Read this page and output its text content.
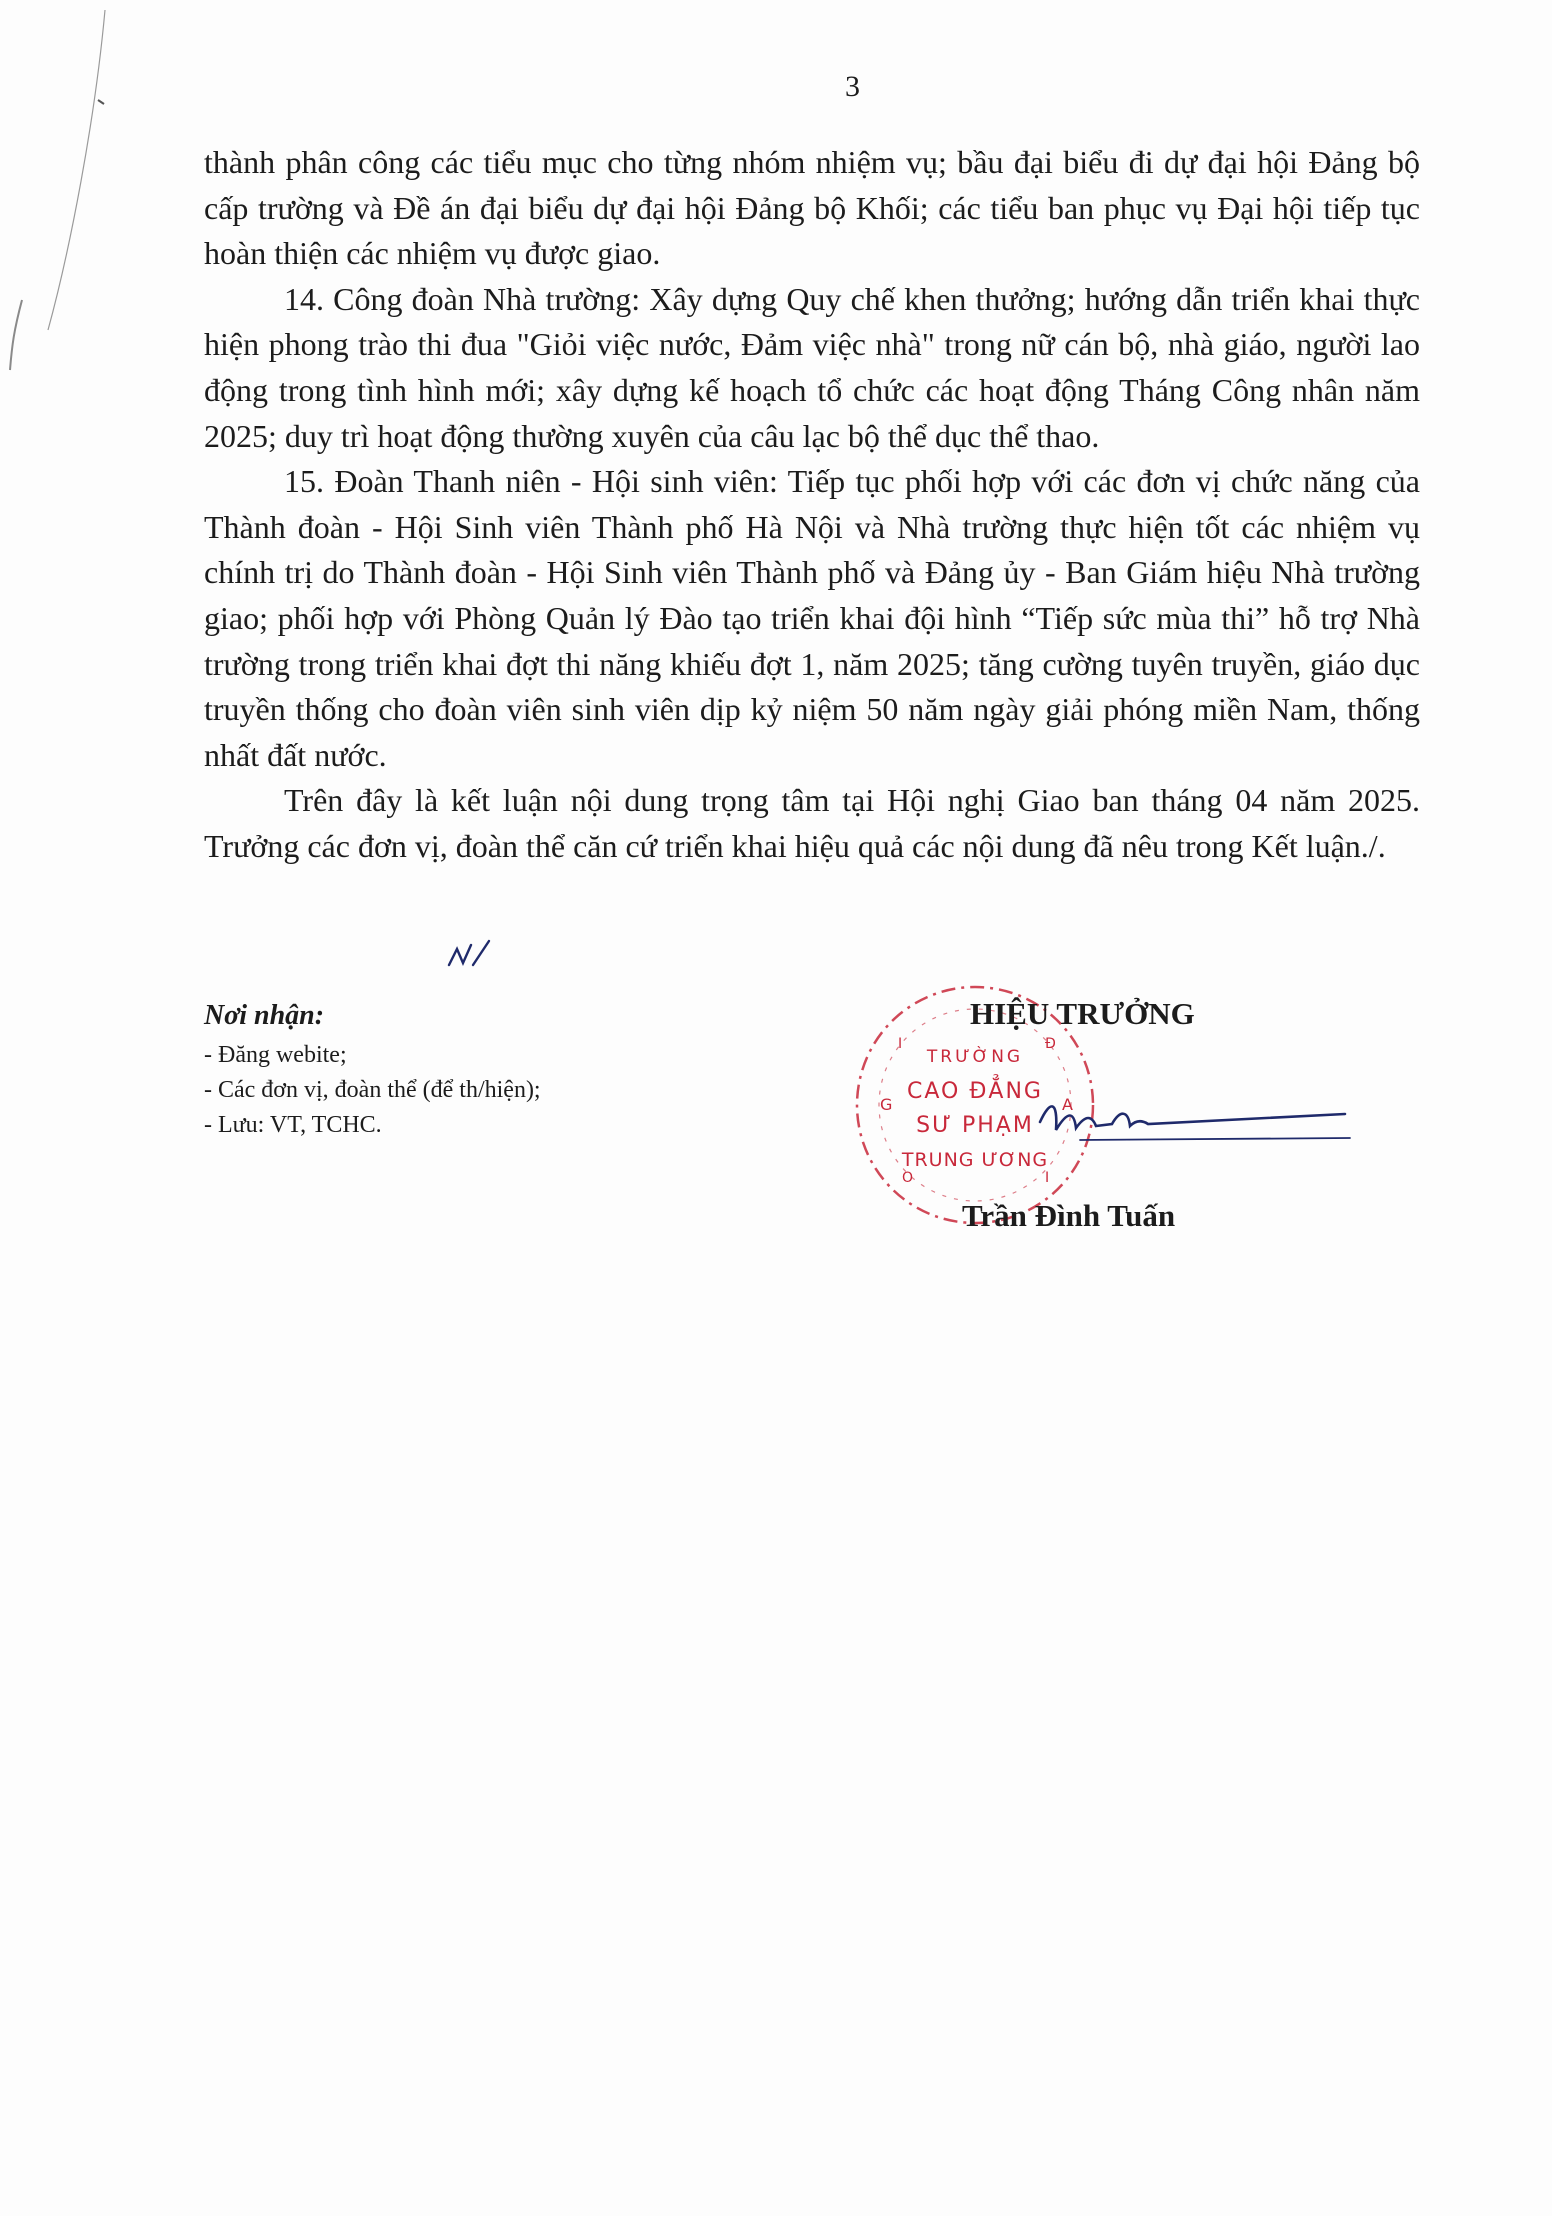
3

thành phân công các tiểu mục cho từng nhóm nhiệm vụ; bầu đại biểu đi dự đại hội Đảng bộ cấp trường và Đề án đại biểu dự đại hội Đảng bộ Khối; các tiểu ban phục vụ Đại hội tiếp tục hoàn thiện các nhiệm vụ được giao.

14. Công đoàn Nhà trường: Xây dựng Quy chế khen thưởng; hướng dẫn triển khai thực hiện phong trào thi đua "Giỏi việc nước, Đảm việc nhà" trong nữ cán bộ, nhà giáo, người lao động trong tình hình mới; xây dựng kế hoạch tổ chức các hoạt động Tháng Công nhân năm 2025; duy trì hoạt động thường xuyên của câu lạc bộ thể dục thể thao.

15. Đoàn Thanh niên - Hội sinh viên: Tiếp tục phối hợp với các đơn vị chức năng của Thành đoàn - Hội Sinh viên Thành phố Hà Nội và Nhà trường thực hiện tốt các nhiệm vụ chính trị do Thành đoàn - Hội Sinh viên Thành phố và Đảng ủy - Ban Giám hiệu Nhà trường giao; phối hợp với Phòng Quản lý Đào tạo triển khai đội hình “Tiếp sức mùa thi” hỗ trợ Nhà trường trong triển khai đợt thi năng khiếu đợt 1, năm 2025; tăng cường tuyên truyền, giáo dục truyền thống cho đoàn viên sinh viên dịp kỷ niệm 50 năm ngày giải phóng miền Nam, thống nhất đất nước.

Trên đây là kết luận nội dung trọng tâm tại Hội nghị Giao ban tháng 04 năm 2025. Trưởng các đơn vị, đoàn thể căn cứ triển khai hiệu quả các nội dung đã nêu trong Kết luận./.

Nơi nhận:

- Đăng webite;
- Các đơn vị, đoàn thể (để th/hiện);
- Lưu: VT, TCHC.
TRƯỜNG
CAO ĐẲNG
SƯ PHẠM
TRUNG ƯƠNG
G	A
I	Đ
O	I
HIỆU TRƯỞNG
Trần Đình Tuấn
